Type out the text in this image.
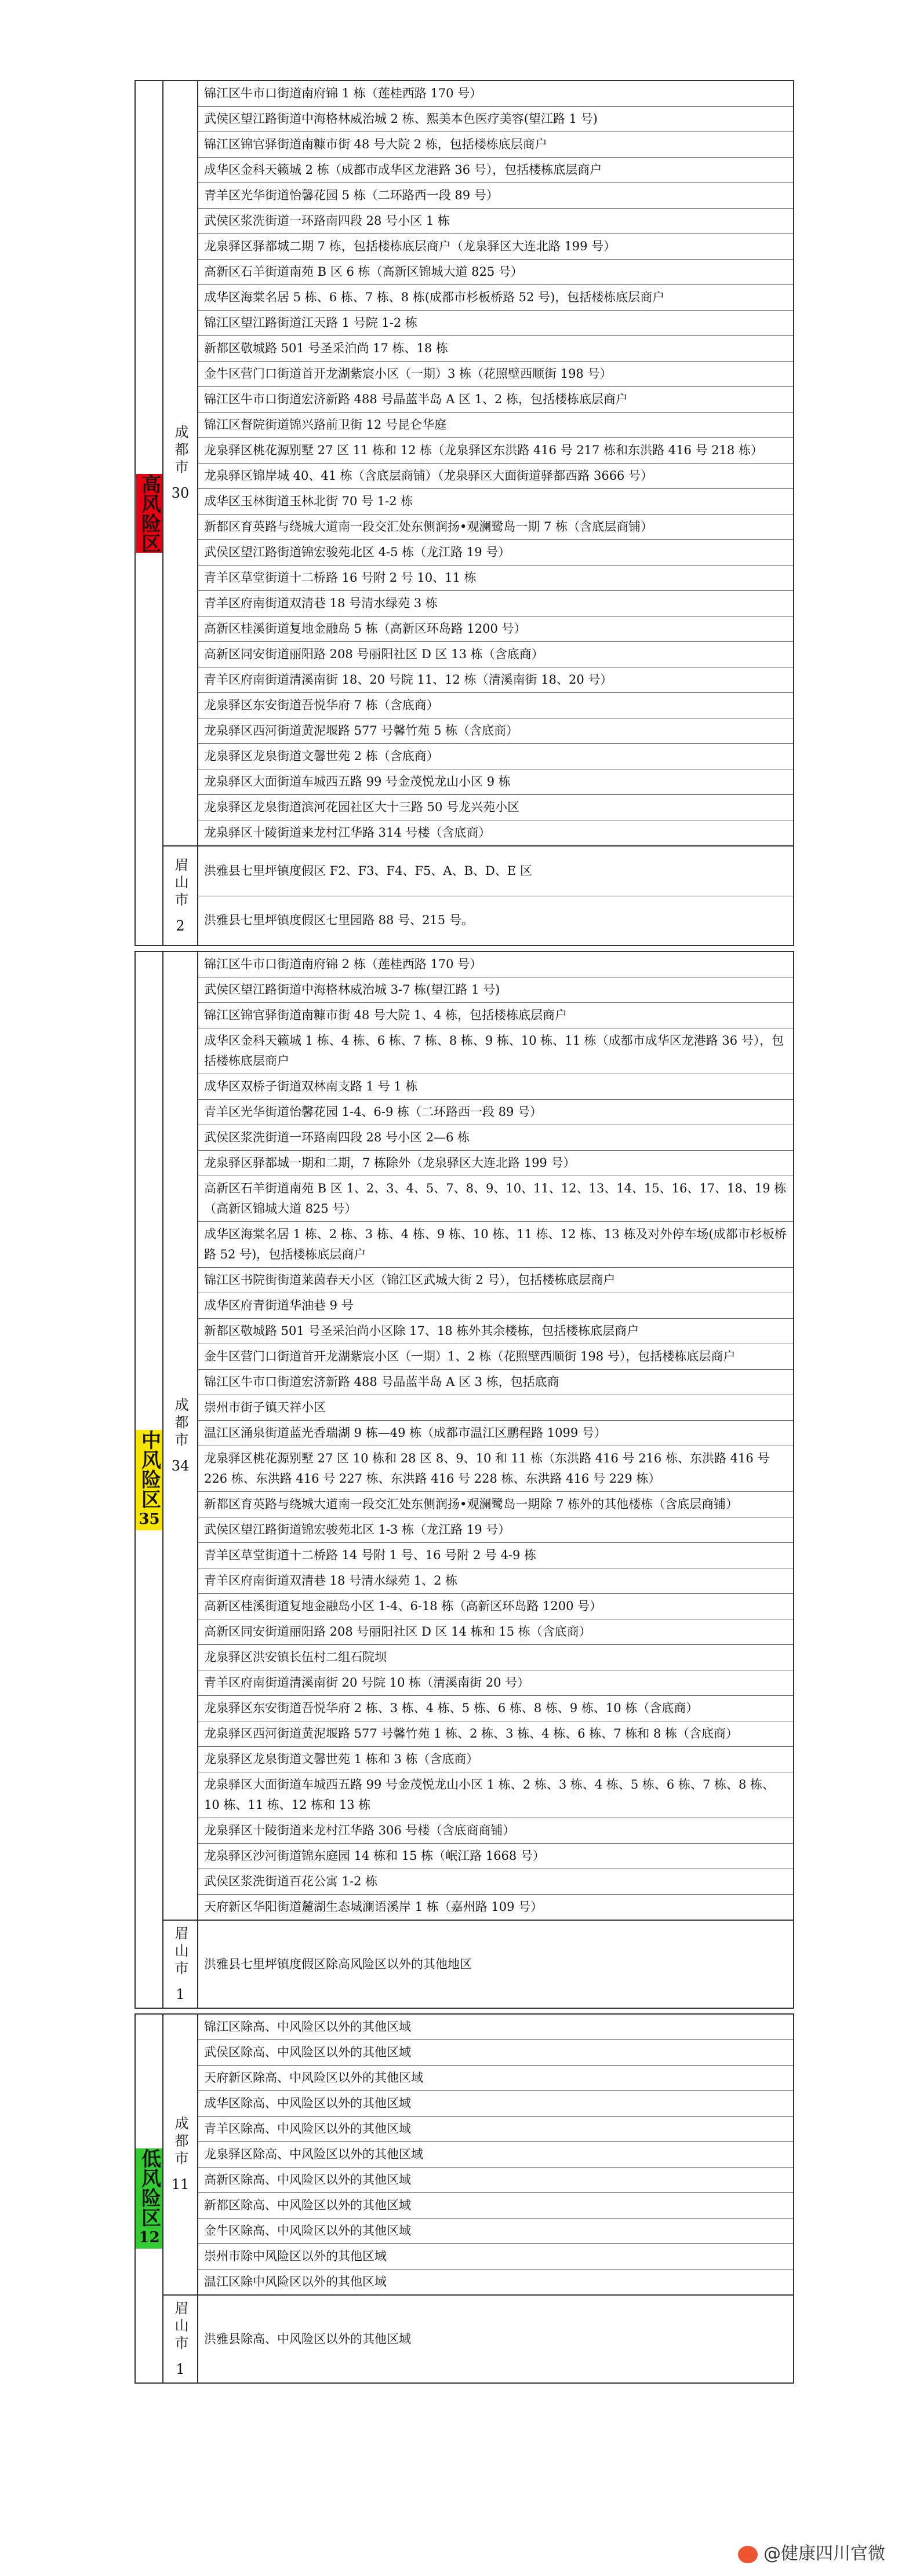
高风险区
成都市
30
锦江区牛市口街道南府锦 1 栋（莲桂西路 170 号）
武侯区望江路街道中海格林威治城 2 栋、熙美本色医疗美容(望江路 1 号)
锦江区锦官驿街道南糠市街 48 号大院 2 栋，包括楼栋底层商户
成华区金科天籁城 2 栋（成都市成华区龙港路 36 号），包括楼栋底层商户
青羊区光华街道怡馨花园 5 栋（二环路西一段 89 号）
武侯区浆洗街道一环路南四段 28 号小区 1 栋
龙泉驿区驿都城二期 7 栋，包括楼栋底层商户（龙泉驿区大连北路 199 号）
高新区石羊街道南苑 B 区 6 栋（高新区锦城大道 825 号）
成华区海棠名居 5 栋、6 栋、7 栋、8 栋(成都市杉板桥路 52 号)，包括楼栋底层商户
锦江区望江路街道江天路 1 号院 1-2 栋
新都区敬城路 501 号圣采泊尚 17 栋、18 栋
金牛区营门口街道首开龙湖紫宸小区（一期）3 栋（花照壁西顺街 198 号）
锦江区牛市口街道宏济新路 488 号晶蓝半岛 A 区 1、2 栋，包括楼栋底层商户
锦江区督院街道锦兴路前卫街 12 号昆仑华庭
龙泉驿区桃花源别墅 27 区 11 栋和 12 栋（龙泉驿区东洪路 416 号 217 栋和东洪路 416 号 218 栋）
龙泉驿区锦岸城 40、41 栋（含底层商铺）（龙泉驿区大面街道驿都西路 3666 号）
成华区玉林街道玉林北街 70 号 1-2 栋
新都区育英路与绕城大道南一段交汇处东侧润扬•观澜鹭岛一期 7 栋（含底层商铺）
武侯区望江路街道锦宏骏苑北区 4-5 栋（龙江路 19 号）
青羊区草堂街道十二桥路 16 号附 2 号 10、11 栋
青羊区府南街道双清巷 18 号清水绿苑 3 栋
高新区桂溪街道复地金融岛 5 栋（高新区环岛路 1200 号）
高新区同安街道丽阳路 208 号丽阳社区 D 区 13 栋（含底商）
青羊区府南街道清溪南街 18、20 号院 11、12 栋（清溪南街 18、20 号）
龙泉驿区东安街道吾悦华府 7 栋（含底商）
龙泉驿区西河街道黄泥堰路 577 号馨竹苑 5 栋（含底商）
龙泉驿区龙泉街道文馨世苑 2 栋（含底商）
龙泉驿区大面街道车城西五路 99 号金茂悦龙山小区 9 栋
龙泉驿区龙泉街道滨河花园社区大十三路 50 号龙兴苑小区
龙泉驿区十陵街道来龙村江华路 314 号楼（含底商）
眉山市
2
洪雅县七里坪镇度假区 F2、F3、F4、F5、A、B、D、E 区
洪雅县七里坪镇度假区七里园路 88 号、215 号。
中风险区35
成都市
34
锦江区牛市口街道南府锦 2 栋（莲桂西路 170 号）
武侯区望江路街道中海格林威治城 3-7 栋(望江路 1 号)
锦江区锦官驿街道南糠市街 48 号大院 1、4 栋，包括楼栋底层商户
成华区金科天籁城 1 栋、4 栋、6 栋、7 栋、8 栋、9 栋、10 栋、11 栋（成都市成华区龙港路 36 号），包括楼栋底层商户
成华区双桥子街道双林南支路 1 号 1 栋
青羊区光华街道怡馨花园 1-4、6-9 栋（二环路西一段 89 号）
武侯区浆洗街道一环路南四段 28 号小区 2—6 栋
龙泉驿区驿都城一期和二期，7 栋除外（龙泉驿区大连北路 199 号）
高新区石羊街道南苑 B 区 1、2、3、4、5、7、8、9、10、11、12、13、14、15、16、17、18、19 栋（高新区锦城大道 825 号）
成华区海棠名居 1 栋、2 栋、3 栋、4 栋、9 栋、10 栋、11 栋、12 栋、13 栋及对外停车场(成都市杉板桥路 52 号)，包括楼栋底层商户
锦江区书院街街道莱茵春天小区（锦江区武城大街 2 号），包括楼栋底层商户
成华区府青街道华油巷 9 号
新都区敬城路 501 号圣采泊尚小区除 17、18 栋外其余楼栋，包括楼栋底层商户
金牛区营门口街道首开龙湖紫宸小区（一期）1、2 栋（花照壁西顺街 198 号），包括楼栋底层商户
锦江区牛市口街道宏济新路 488 号晶蓝半岛 A 区 3 栋，包括底商
崇州市街子镇天祥小区
温江区涌泉街道蓝光香瑞湖 9 栋—49 栋（成都市温江区鹏程路 1099 号）
龙泉驿区桃花源别墅 27 区 10 栋和 28 区 8、9、10 和 11 栋（东洪路 416 号 216 栋、东洪路 416 号 226 栋、东洪路 416 号 227 栋、东洪路 416 号 228 栋、东洪路 416 号 229 栋）
新都区育英路与绕城大道南一段交汇处东侧润扬•观澜鹭岛一期除 7 栋外的其他楼栋（含底层商铺）
武侯区望江路街道锦宏骏苑北区 1-3 栋（龙江路 19 号）
青羊区草堂街道十二桥路 14 号附 1 号、16 号附 2 号 4-9 栋
青羊区府南街道双清巷 18 号清水绿苑 1、2 栋
高新区桂溪街道复地金融岛小区 1-4、6-18 栋（高新区环岛路 1200 号）
高新区同安街道丽阳路 208 号丽阳社区 D 区 14 栋和 15 栋（含底商）
龙泉驿区洪安镇长伍村二组石院坝
青羊区府南街道清溪南街 20 号院 10 栋（清溪南街 20 号）
龙泉驿区东安街道吾悦华府 2 栋、3 栋、4 栋、5 栋、6 栋、8 栋、9 栋、10 栋（含底商）
龙泉驿区西河街道黄泥堰路 577 号馨竹苑 1 栋、2 栋、3 栋、4 栋、6 栋、7 栋和 8 栋（含底商）
龙泉驿区龙泉街道文馨世苑 1 栋和 3 栋（含底商）
龙泉驿区大面街道车城西五路 99 号金茂悦龙山小区 1 栋、2 栋、3 栋、4 栋、5 栋、6 栋、7 栋、8 栋、10 栋、11 栋、12 栋和 13 栋
龙泉驿区十陵街道来龙村江华路 306 号楼（含底商商铺）
龙泉驿区沙河街道锦东庭园 14 栋和 15 栋（岷江路 1668 号）
武侯区浆洗街道百花公寓 1-2 栋
天府新区华阳街道麓湖生态城澜语溪岸 1 栋（嘉州路 109 号）
眉山市
1
洪雅县七里坪镇度假区除高风险区以外的其他地区
低风险区12
成都市
11
锦江区除高、中风险区以外的其他区域
武侯区除高、中风险区以外的其他区域
天府新区除高、中风险区以外的其他区域
成华区除高、中风险区以外的其他区域
青羊区除高、中风险区以外的其他区域
龙泉驿区除高、中风险区以外的其他区域
高新区除高、中风险区以外的其他区域
新都区除高、中风险区以外的其他区域
金牛区除高、中风险区以外的其他区域
崇州市除中风险区以外的其他区域
温江区除中风险区以外的其他区域
眉山市
1
洪雅县除高、中风险区以外的其他区域
@健康四川官微
